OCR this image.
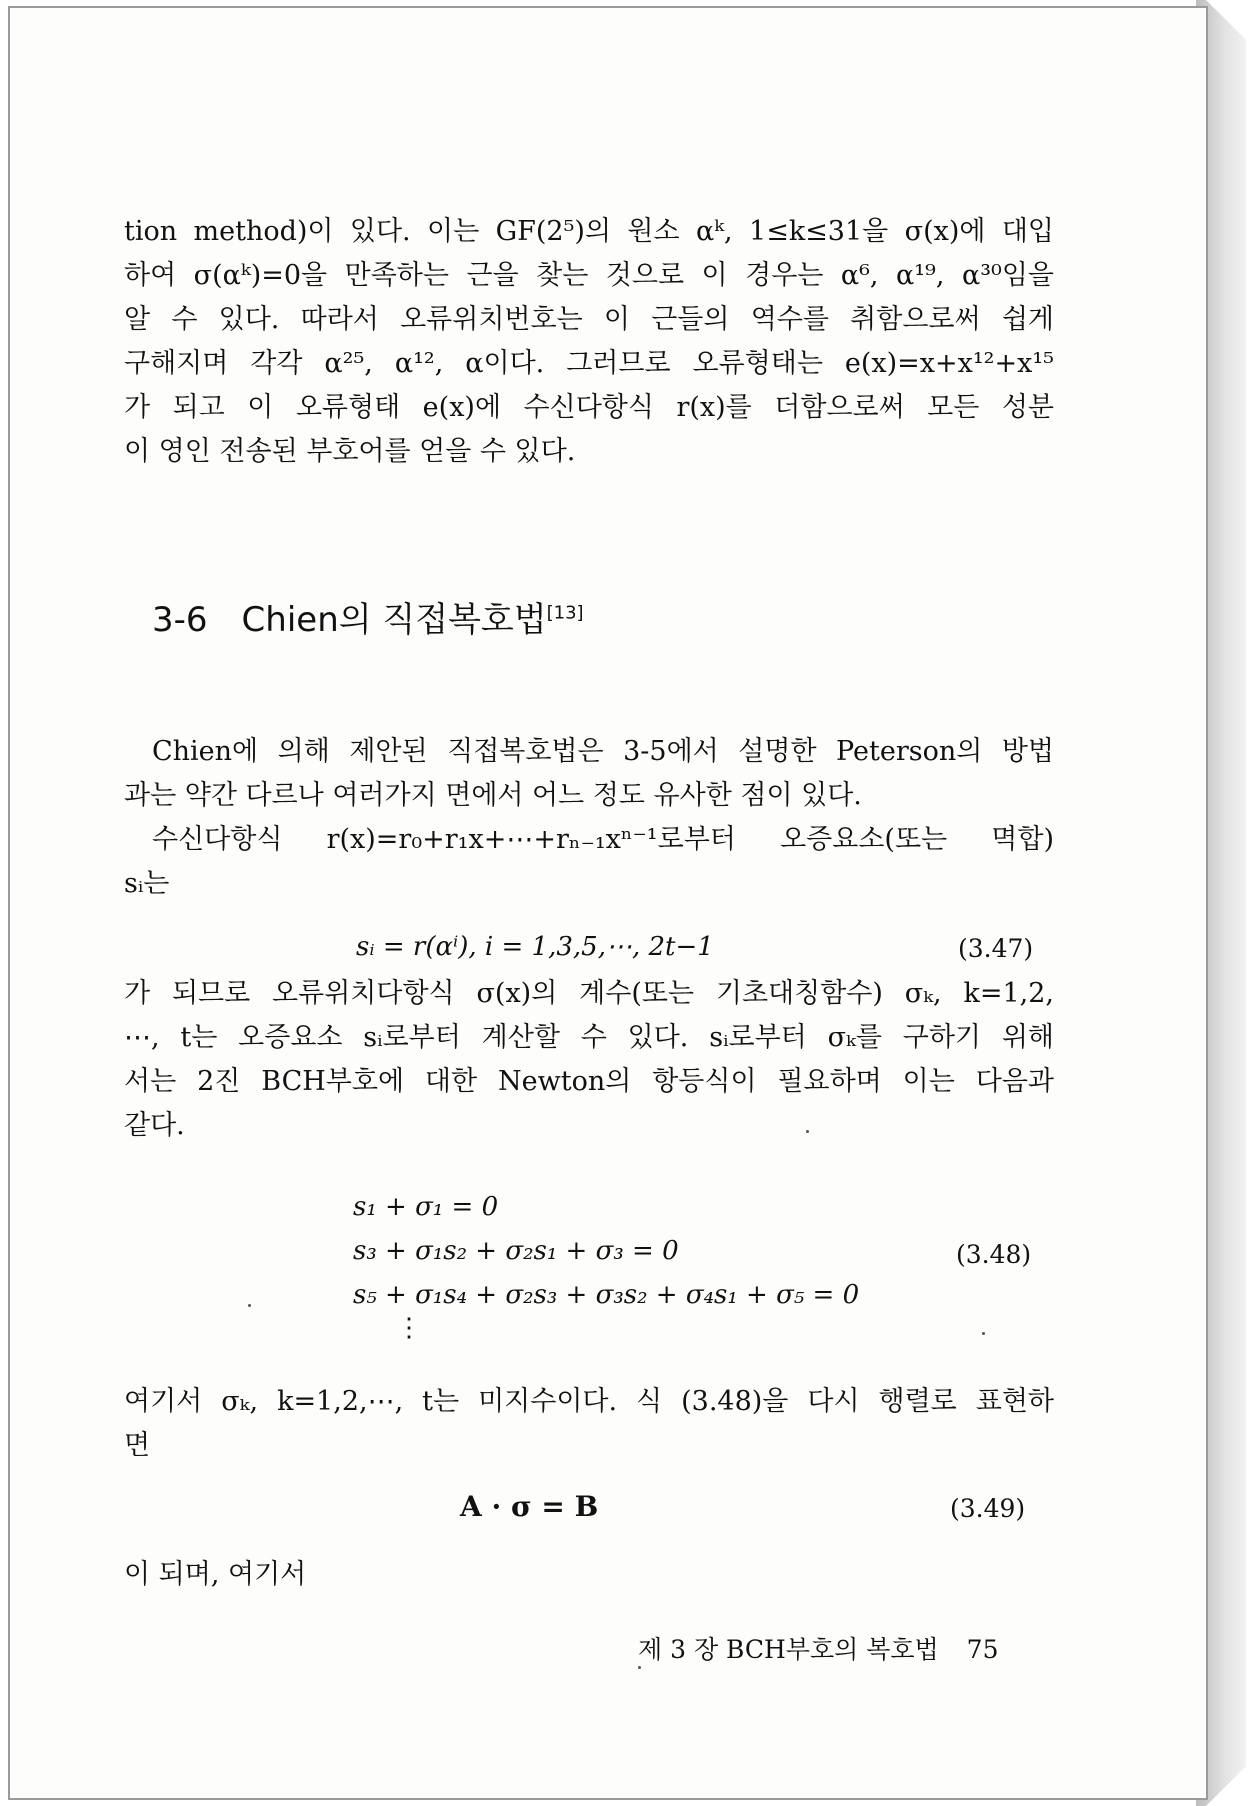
tion method)이 있다. 이는 GF(2⁵)의 원소 αᵏ, 1≤k≤31을 σ(x)에 대입
하여 σ(αᵏ)=0을 만족하는 근을 찾는 것으로 이 경우는 α⁶, α¹⁹, α³⁰임을
알 수 있다. 따라서 오류위치번호는 이 근들의 역수를 취함으로써 쉽게
구해지며 각각 α²⁵, α¹², α이다. 그러므로 오류형태는 e(x)=x+x¹²+x¹⁵
가 되고 이 오류형태 e(x)에 수신다항식 r(x)를 더함으로써 모든 성분
이 영인 전송된 부호어를 얻을 수 있다.
3-6 Chien의 직접복호법[13]
Chien에 의해 제안된 직접복호법은 3-5에서 설명한 Peterson의 방법
과는 약간 다르나 여러가지 면에서 어느 정도 유사한 점이 있다.
수신다항식 r(x)=r₀+r₁x+⋯+rₙ₋₁xⁿ⁻¹로부터 오증요소(또는 멱합)
sᵢ는
sᵢ = r(αⁱ), i = 1,3,5,⋯, 2t−1	(3.47)
가 되므로 오류위치다항식 σ(x)의 계수(또는 기초대칭함수) σₖ, k=1,2,
⋯, t는 오증요소 sᵢ로부터 계산할 수 있다. sᵢ로부터 σₖ를 구하기 위해
서는 2진 BCH부호에 대한 Newton의 항등식이 필요하며 이는 다음과
같다.
s₁ + σ₁ = 0
s₃ + σ₁s₂ + σ₂s₁ + σ₃ = 0
s₅ + σ₁s₄ + σ₂s₃ + σ₃s₂ + σ₄s₁ + σ₅ = 0
⋮
(3.48)
여기서 σₖ, k=1,2,⋯, t는 미지수이다. 식 (3.48)을 다시 행렬로 표현하
면
A · σ = B	(3.49)
이 되며, 여기서
제 3 장 BCH부호의 복호법 75
